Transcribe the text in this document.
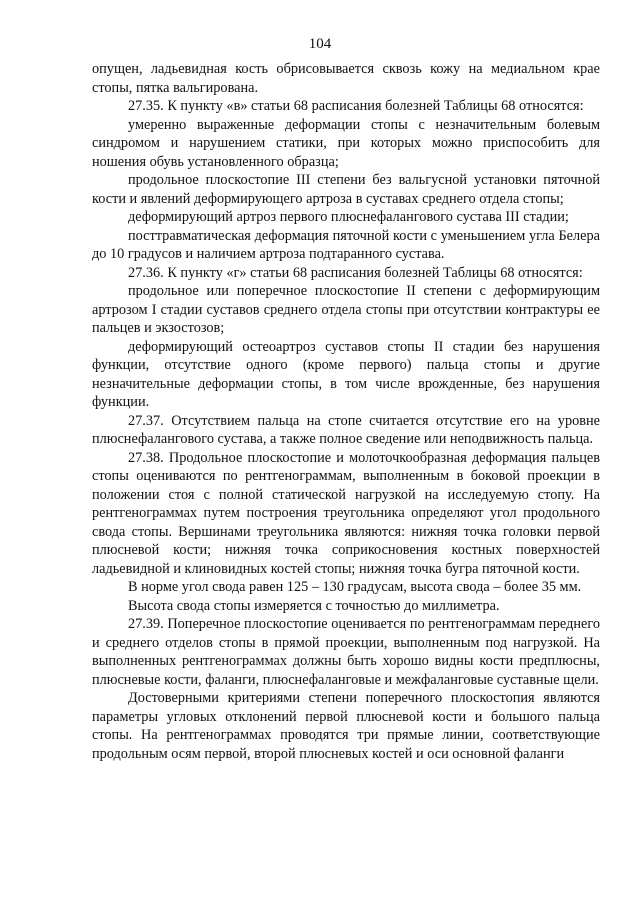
104

опущен, ладьевидная кость обрисовывается сквозь кожу на медиальном крае стопы, пятка вальгирована.

27.35. К пункту «в» статьи 68 расписания болезней Таблицы 68 относятся:

умеренно выраженные деформации стопы с незначительным болевым синдромом и нарушением статики, при которых можно приспособить для ношения обувь установленного образца;

продольное плоскостопие III степени без вальгусной установки пяточной кости и явлений деформирующего артроза в суставах среднего отдела стопы;

деформирующий артроз первого плюснефалангового сустава III стадии;

посттравматическая деформация пяточной кости с уменьшением угла Белера до 10 градусов и наличием артроза подтаранного сустава.

27.36. К пункту «г» статьи 68 расписания болезней Таблицы 68 относятся:

продольное или поперечное плоскостопие II степени с деформирующим артрозом I стадии суставов среднего отдела стопы при отсутствии контрактуры ее пальцев и экзостозов;

деформирующий остеоартроз суставов стопы II стадии без нарушения функции, отсутствие одного (кроме первого) пальца стопы и другие незначительные деформации стопы, в том числе врожденные, без нарушения функции.

27.37. Отсутствием пальца на стопе считается отсутствие его на уровне плюснефалангового сустава, а также полное сведение или неподвижность пальца.

27.38. Продольное плоскостопие и молоточкообразная деформация пальцев стопы оцениваются по рентгенограммам, выполненным в боковой проекции в положении стоя с полной статической нагрузкой на исследуемую стопу. На рентгенограммах путем построения треугольника определяют угол продольного свода стопы. Вершинами треугольника являются: нижняя точка головки первой плюсневой кости; нижняя точка соприкосновения костных поверхностей ладьевидной и клиновидных костей стопы; нижняя точка бугра пяточной кости.

В норме угол свода равен 125 – 130 градусам, высота свода – более 35 мм.

Высота свода стопы измеряется с точностью до миллиметра.

27.39. Поперечное плоскостопие оценивается по рентгенограммам переднего и среднего отделов стопы в прямой проекции, выполненным под нагрузкой. На выполненных рентгенограммах должны быть хорошо видны кости предплюсны, плюсневые кости, фаланги, плюснефаланговые и межфаланговые суставные щели.

Достоверными критериями степени поперечного плоскостопия являются параметры угловых отклонений первой плюсневой кости и большого пальца стопы. На рентгенограммах проводятся три прямые линии, соответствующие продольным осям первой, второй плюсневых костей и оси основной фаланги
